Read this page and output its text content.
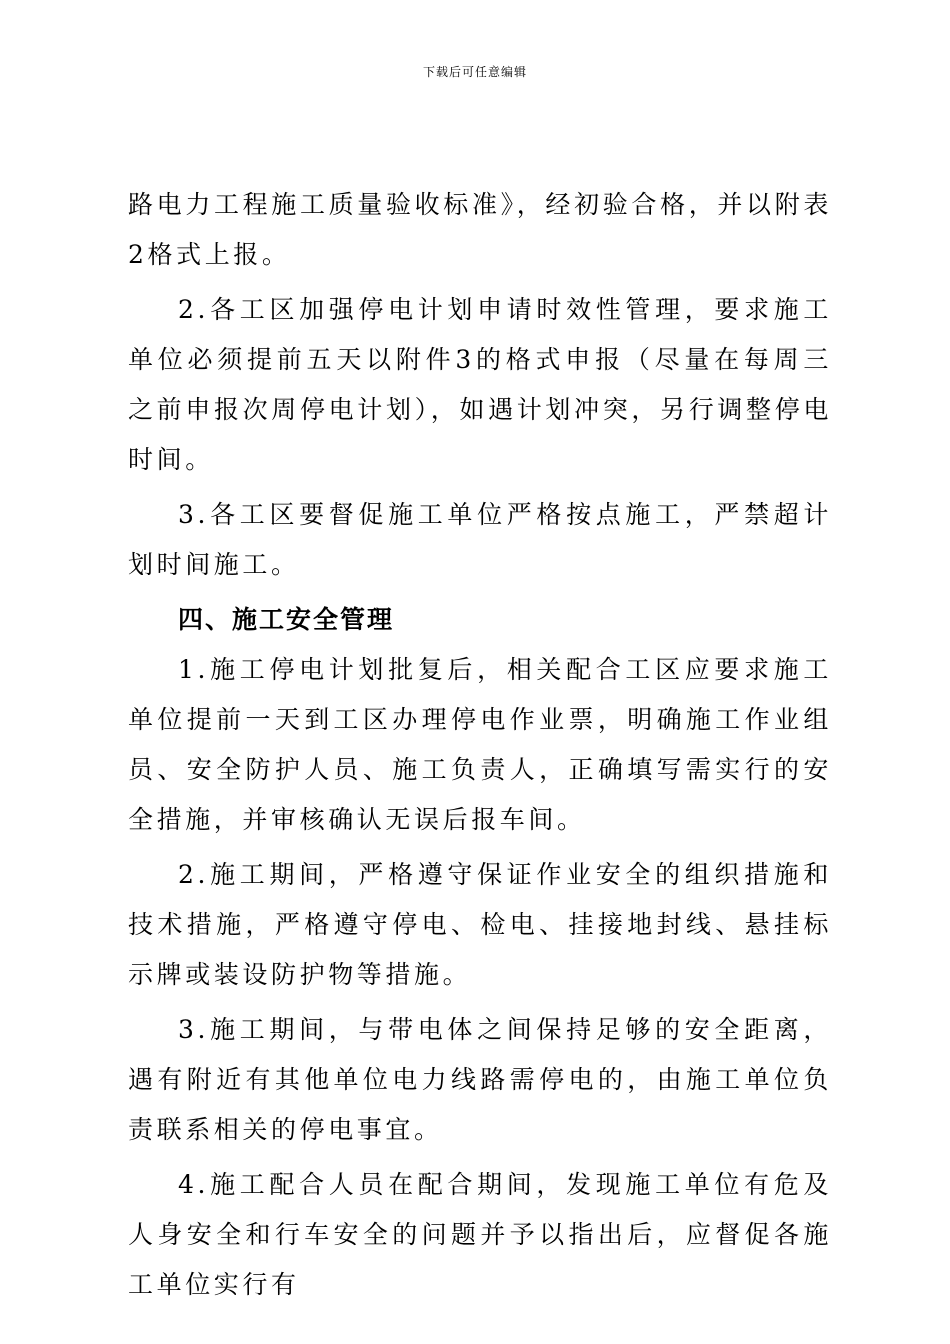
下载后可任意编辑

路电力工程施工质量验收标准》，经初验合格，并以附表2格式上报。

2.各工区加强停电计划申请时效性管理，要求施工单位必须提前五天以附件3的格式申报（尽量在每周三之前申报次周停电计划），如遇计划冲突，另行调整停电时间。

3.各工区要督促施工单位严格按点施工，严禁超计划时间施工。

四、施工安全管理

1.施工停电计划批复后，相关配合工区应要求施工单位提前一天到工区办理停电作业票，明确施工作业组员、安全防护人员、施工负责人，正确填写需实行的安全措施，并审核确认无误后报车间。

2.施工期间，严格遵守保证作业安全的组织措施和技术措施，严格遵守停电、检电、挂接地封线、悬挂标示牌或装设防护物等措施。

3.施工期间，与带电体之间保持足够的安全距离，遇有附近有其他单位电力线路需停电的，由施工单位负责联系相关的停电事宜。

4.施工配合人员在配合期间，发现施工单位有危及人身安全和行车安全的问题并予以指出后，应督促各施工单位实行有
